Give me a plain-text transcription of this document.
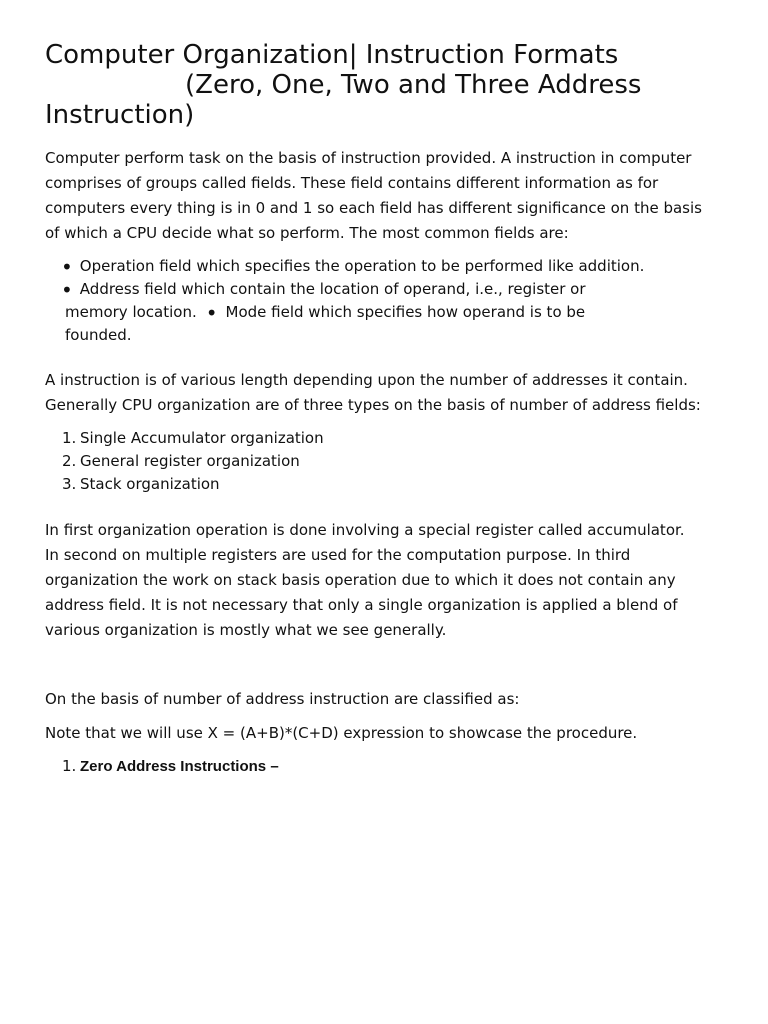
Computer Organization| Instruction Formats
(Zero, One, Two and Three Address
Instruction)

Computer perform task on the basis of instruction provided. A instruction in computer
comprises of groups called fields. These field contains different information as for
computers every thing is in 0 and 1 so each field has different significance on the basis
of which a CPU decide what so perform. The most common fields are:

• Operation field which specifies the operation to be performed like addition.
• Address field which contain the location of operand, i.e., register or
memory location. • Mode field which specifies how operand is to be
founded.

A instruction is of various length depending upon the number of addresses it contain.
Generally CPU organization are of three types on the basis of number of address fields:

1. Single Accumulator organization
2. General register organization
3. Stack organization

In first organization operation is done involving a special register called accumulator.
In second on multiple registers are used for the computation purpose. In third
organization the work on stack basis operation due to which it does not contain any
address field. It is not necessary that only a single organization is applied a blend of
various organization is mostly what we see generally.

On the basis of number of address instruction are classified as:

Note that we will use X = (A+B)*(C+D) expression to showcase the procedure.

1. Zero Address Instructions –
